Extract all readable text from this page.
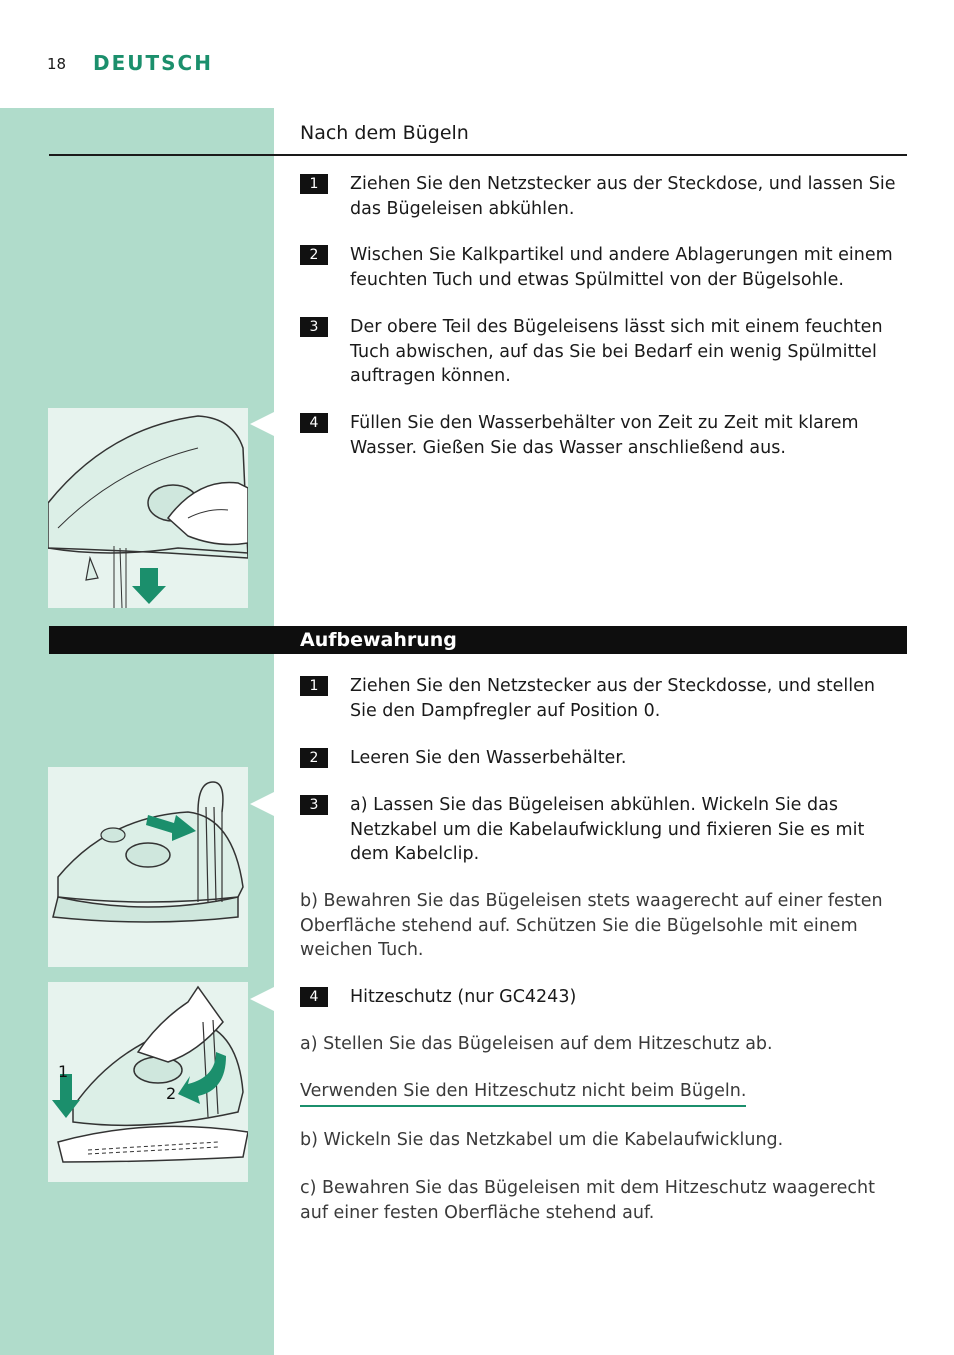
18 DEUTSCH
Nach dem Bügeln
1	Ziehen Sie den Netzstecker aus der Steckdose, und lassen Sie das Bügeleisen abkühlen.
2	Wischen Sie Kalkpartikel und andere Ablagerungen mit einem feuchten Tuch und etwas Spülmittel von der Bügelsohle.
3	Der obere Teil des Bügeleisens lässt sich mit einem feuchten Tuch abwischen, auf das Sie bei Bedarf ein wenig Spülmittel auftragen können.
4	Füllen Sie den Wasserbehälter von Zeit zu Zeit mit klarem Wasser. Gießen Sie das Wasser anschließend aus.
Aufbewahrung
1	Ziehen Sie den Netzstecker aus der Steckdosse, und stellen Sie den Dampfregler auf Position 0.
2	Leeren Sie den Wasserbehälter.
3	a) Lassen Sie das Bügeleisen abkühlen. Wickeln Sie das Netzkabel um die Kabelaufwicklung und fixieren Sie es mit dem Kabelclip.
b) Bewahren Sie das Bügeleisen stets waagerecht auf einer festen Oberfläche stehend auf. Schützen Sie die Bügelsohle mit einem weichen Tuch.
4	Hitzeschutz (nur GC4243)
a) Stellen Sie das Bügeleisen auf dem Hitzeschutz ab.
Verwenden Sie den Hitzeschutz nicht beim Bügeln.
b) Wickeln Sie das Netzkabel um die Kabelaufwicklung.
c) Bewahren Sie das Bügeleisen mit dem Hitzeschutz waagerecht auf einer festen Oberfläche stehend auf.
1
2
